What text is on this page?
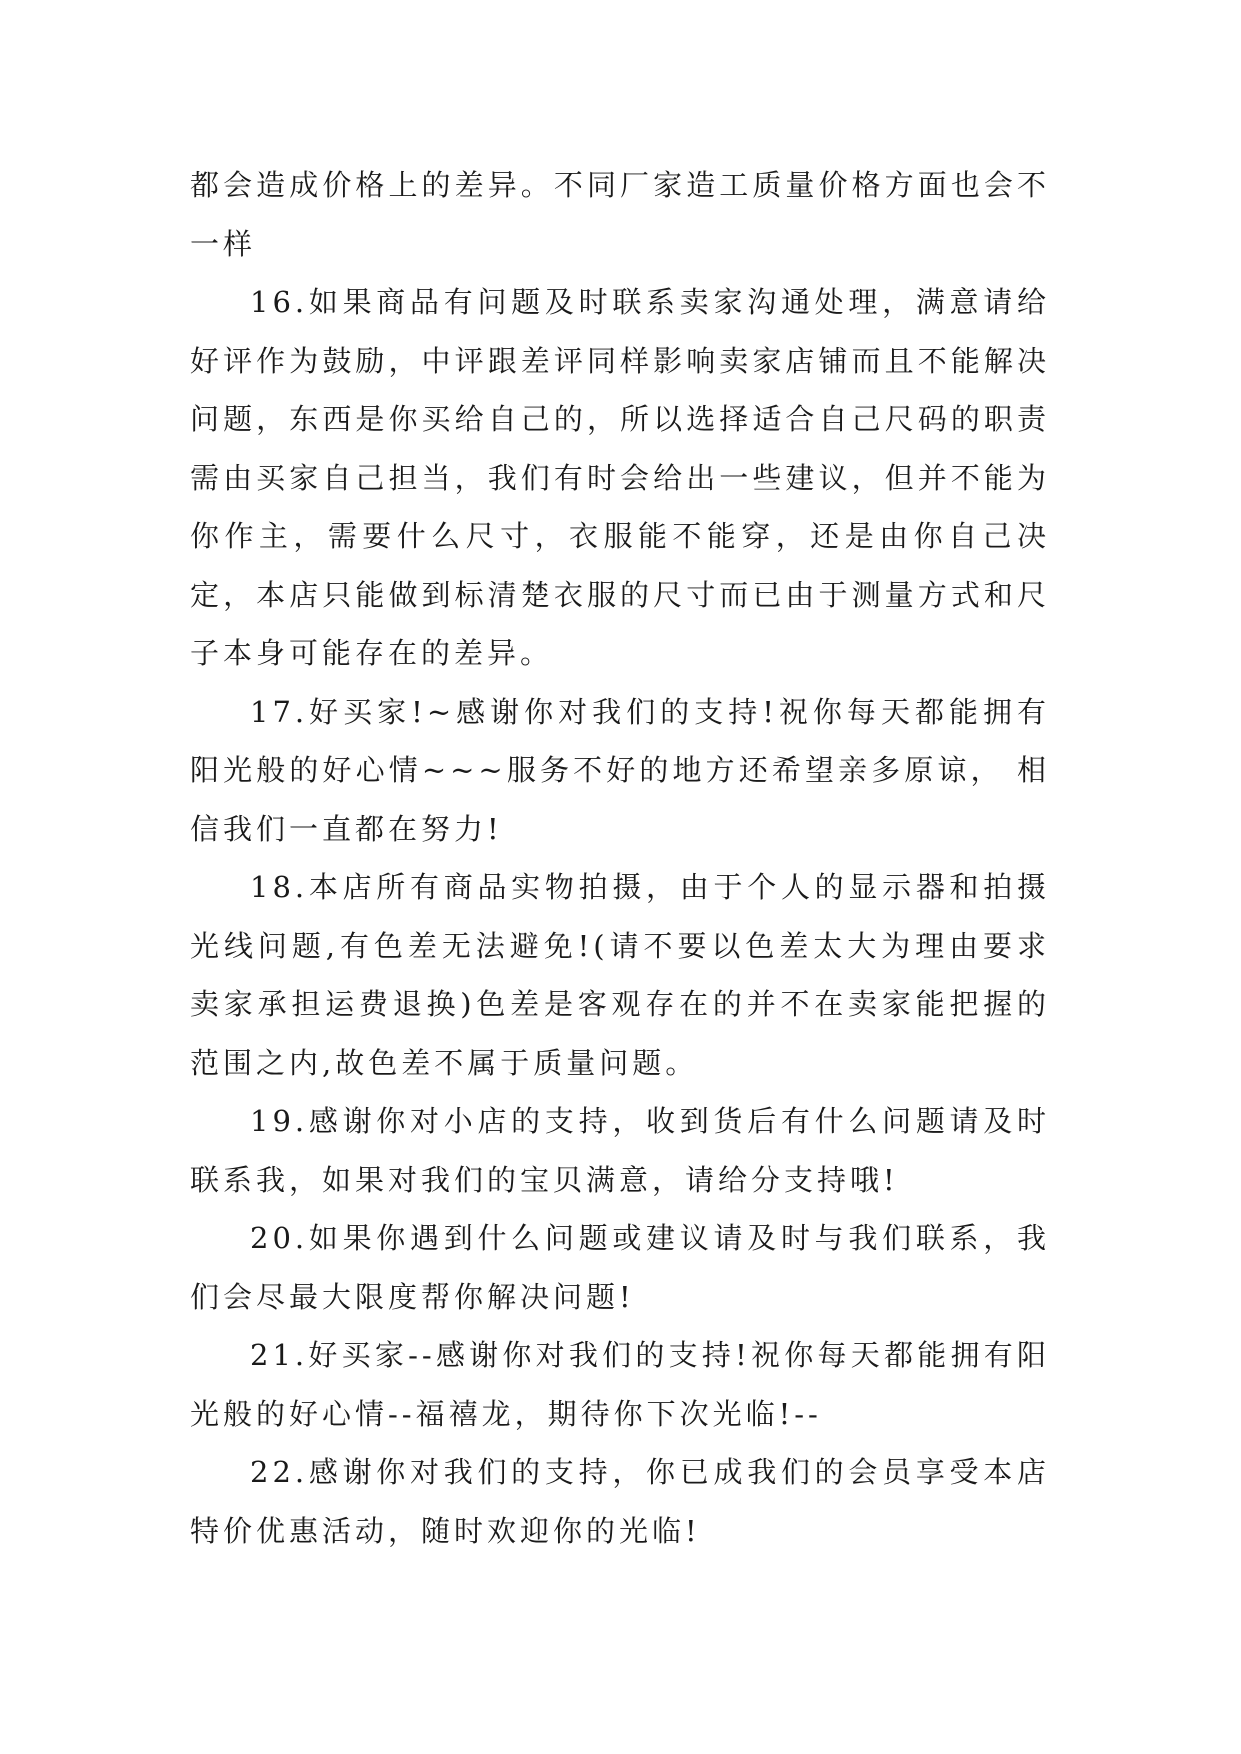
都会造成价格上的差异。不同厂家造工质量价格方面也会不一样

16.如果商品有问题及时联系卖家沟通处理，满意请给好评作为鼓励，中评跟差评同样影响卖家店铺而且不能解决问题，东西是你买给自己的，所以选择适合自己尺码的职责需由买家自己担当，我们有时会给出一些建议，但并不能为你作主，需要什么尺寸，衣服能不能穿，还是由你自己决定，本店只能做到标清楚衣服的尺寸而已由于测量方式和尺子本身可能存在的差异。

17.好买家!~感谢你对我们的支持!祝你每天都能拥有阳光般的好心情~~~服务不好的地方还希望亲多原谅， 相信我们一直都在努力!

18.本店所有商品实物拍摄，由于个人的显示器和拍摄光线问题,有色差无法避免!(请不要以色差太大为理由要求卖家承担运费退换)色差是客观存在的并不在卖家能把握的范围之内,故色差不属于质量问题。

19.感谢你对小店的支持，收到货后有什么问题请及时联系我，如果对我们的宝贝满意，请给分支持哦!

20.如果你遇到什么问题或建议请及时与我们联系，我们会尽最大限度帮你解决问题!

21.好买家--感谢你对我们的支持!祝你每天都能拥有阳光般的好心情--福禧龙，期待你下次光临!--

22.感谢你对我们的支持，你已成我们的会员享受本店特价优惠活动，随时欢迎你的光临!
